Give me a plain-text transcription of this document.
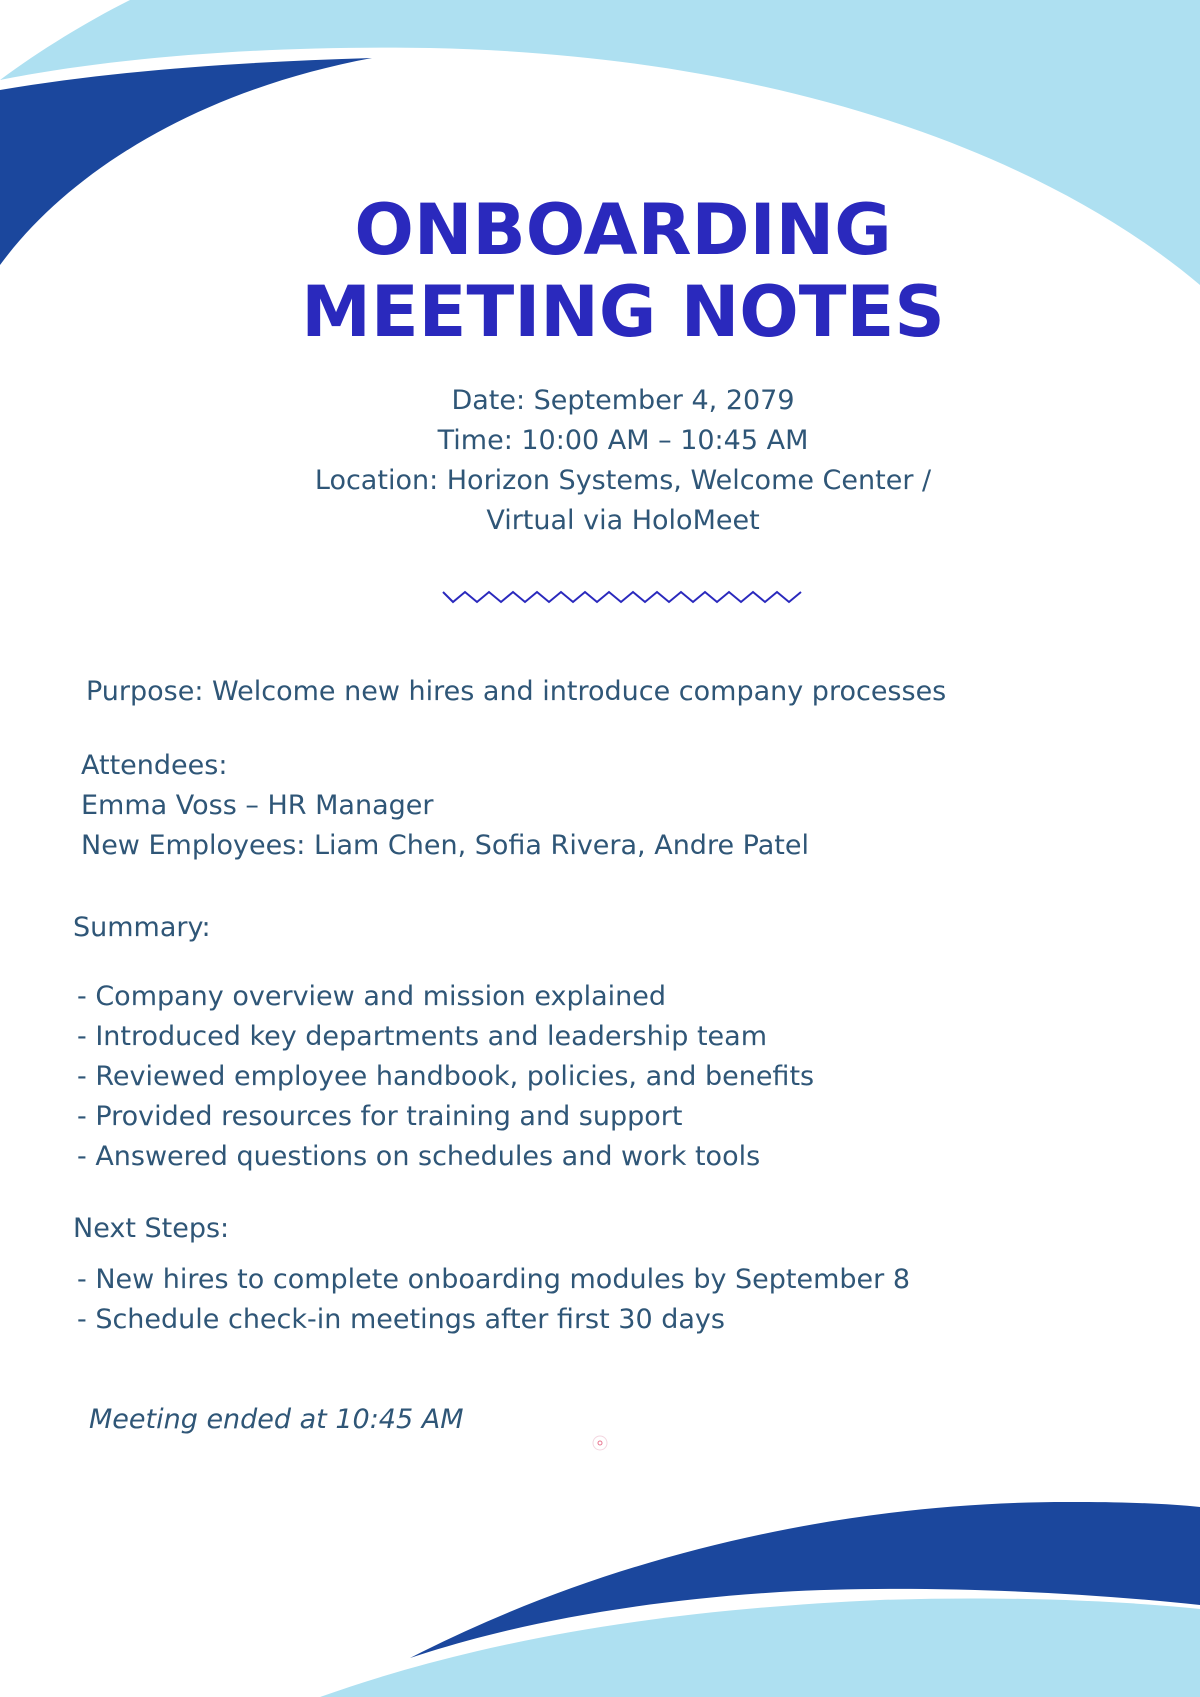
ONBOARDING
MEETING NOTES
Date: September 4, 2079
Time: 10:00 AM – 10:45 AM
Location: Horizon Systems, Welcome Center /
Virtual via HoloMeet
Purpose: Welcome new hires and introduce company processes
Attendees:
Emma Voss – HR Manager
New Employees: Liam Chen, Sofia Rivera, Andre Patel
Summary:
- Company overview and mission explained
- Introduced key departments and leadership team
- Reviewed employee handbook, policies, and benefits
- Provided resources for training and support
- Answered questions on schedules and work tools
Next Steps:
- New hires to complete onboarding modules by September 8
- Schedule check-in meetings after first 30 days
Meeting ended at 10:45 AM
